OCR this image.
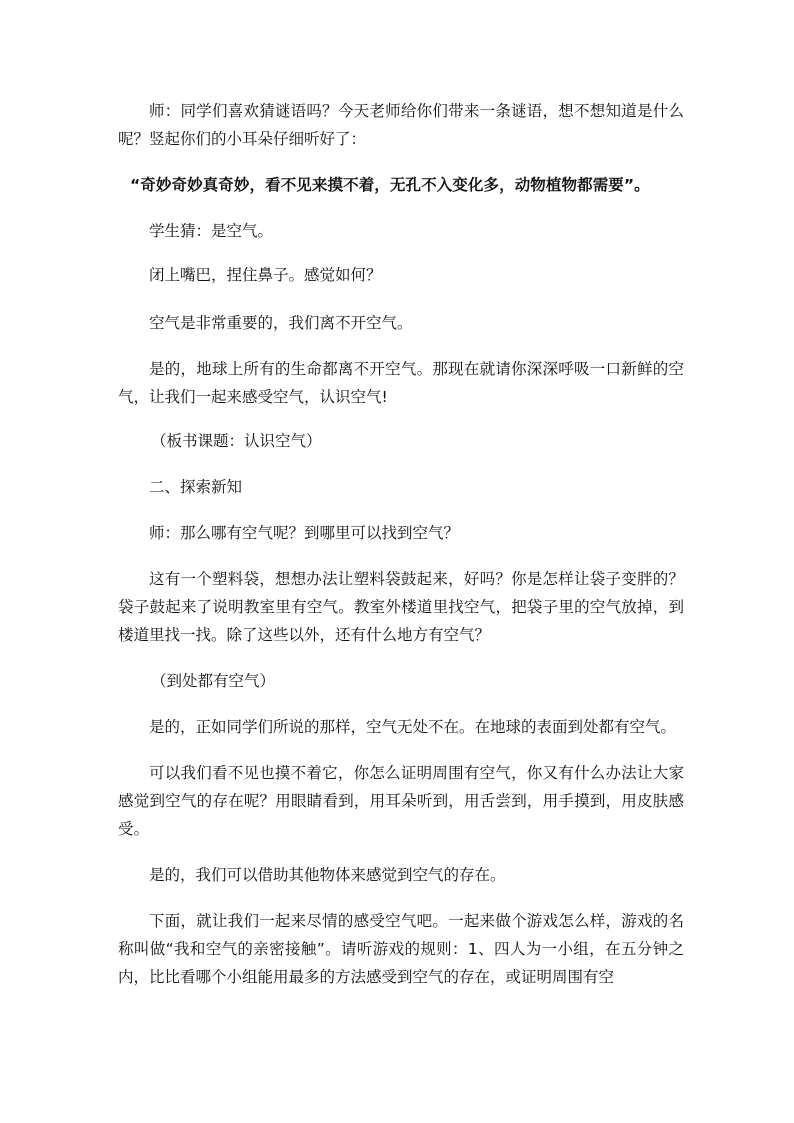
师：同学们喜欢猜谜语吗？今天老师给你们带来一条谜语，想不想知道是什么呢？竖起你们的小耳朵仔细听好了：

“奇妙奇妙真奇妙，看不见来摸不着，无孔不入变化多，动物植物都需要”。

学生猜：是空气。

闭上嘴巴，捏住鼻子。感觉如何？

空气是非常重要的，我们离不开空气。

是的，地球上所有的生命都离不开空气。那现在就请你深深呼吸一口新鲜的空气，让我们一起来感受空气，认识空气!

（板书课题：认识空气）

二、探索新知

师：那么哪有空气呢？到哪里可以找到空气？

这有一个塑料袋，想想办法让塑料袋鼓起来，好吗？你是怎样让袋子变胖的？袋子鼓起来了说明教室里有空气。教室外楼道里找空气，把袋子里的空气放掉，到楼道里找一找。除了这些以外，还有什么地方有空气？

（到处都有空气）

是的，正如同学们所说的那样，空气无处不在。在地球的表面到处都有空气。

可以我们看不见也摸不着它，你怎么证明周围有空气，你又有什么办法让大家感觉到空气的存在呢？用眼睛看到，用耳朵听到，用舌尝到，用手摸到，用皮肤感受。

是的，我们可以借助其他物体来感觉到空气的存在。

下面，就让我们一起来尽情的感受空气吧。一起来做个游戏怎么样，游戏的名称叫做“我和空气的亲密接触”。请听游戏的规则：1、四人为一小组，在五分钟之内，比比看哪个小组能用最多的方法感受到空气的存在，或证明周围有空
